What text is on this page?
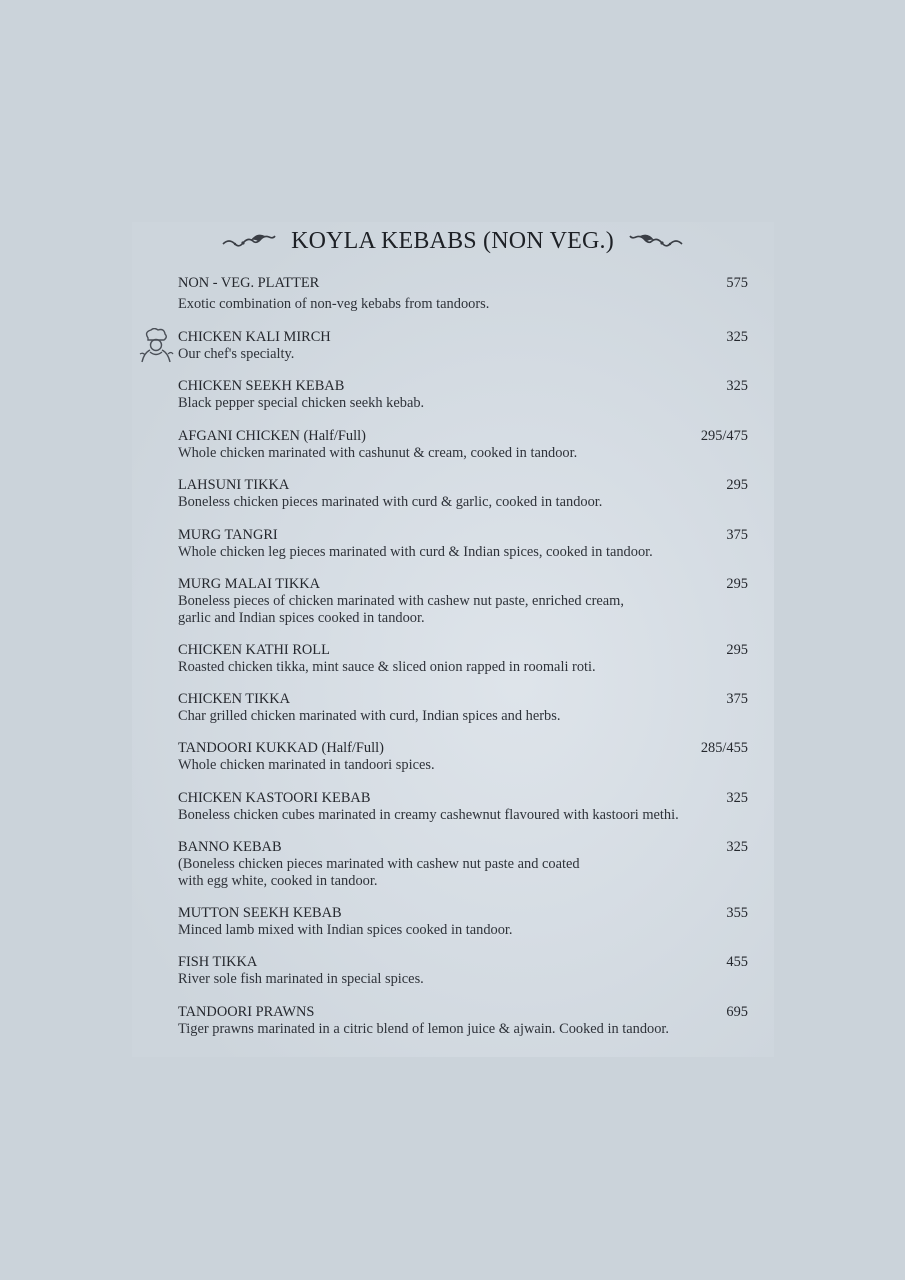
KOYLA KEBABS (NON VEG.)
NON - VEG. PLATTER
Exotic combination of non-veg kebabs from tandoors.
575
CHICKEN KALI MIRCH
Our chef's specialty.
325
CHICKEN SEEKH KEBAB
Black pepper special chicken seekh kebab.
325
AFGANI CHICKEN (Half/Full)
Whole chicken marinated with cashunut & cream, cooked in tandoor.
295/475
LAHSUNI TIKKA
Boneless chicken pieces marinated with curd & garlic, cooked in tandoor.
295
MURG TANGRI
Whole chicken leg pieces marinated with curd & Indian spices, cooked in tandoor.
375
MURG MALAI TIKKA
Boneless pieces of chicken marinated with cashew nut paste, enriched cream,
garlic and Indian spices cooked in tandoor.
295
CHICKEN KATHI ROLL
Roasted chicken tikka, mint sauce & sliced onion rapped in roomali roti.
295
CHICKEN TIKKA
Char grilled chicken marinated with curd, Indian spices and herbs.
375
TANDOORI KUKKAD (Half/Full)
Whole chicken marinated in tandoori spices.
285/455
CHICKEN KASTOORI KEBAB
Boneless chicken cubes marinated in creamy cashewnut flavoured with kastoori methi.
325
BANNO KEBAB
(Boneless chicken pieces marinated with cashew nut paste and coated
with egg white, cooked in tandoor.
325
MUTTON SEEKH KEBAB
Minced lamb mixed with Indian spices cooked in tandoor.
355
FISH TIKKA
River sole fish marinated in special spices.
455
TANDOORI PRAWNS
Tiger prawns marinated in a citric blend of lemon juice & ajwain. Cooked in tandoor.
695
